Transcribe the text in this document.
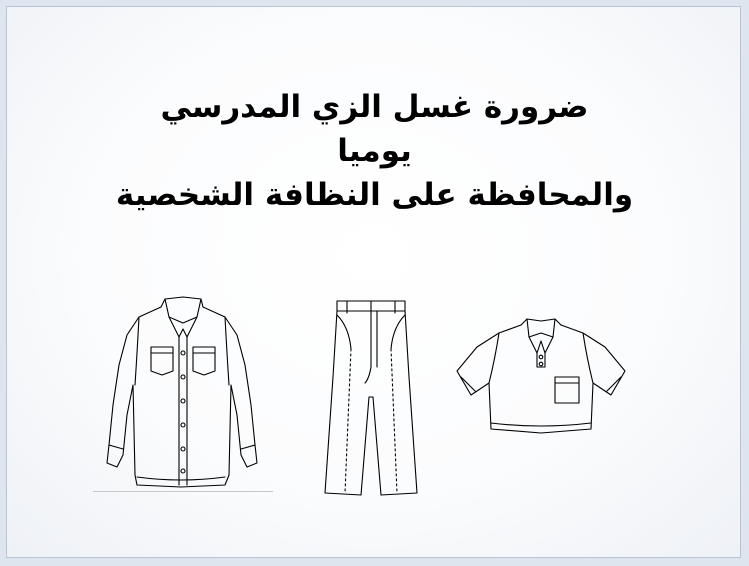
ضرورة غسل الزي المدرسي
يوميا
والمحافظة على النظافة الشخصية
